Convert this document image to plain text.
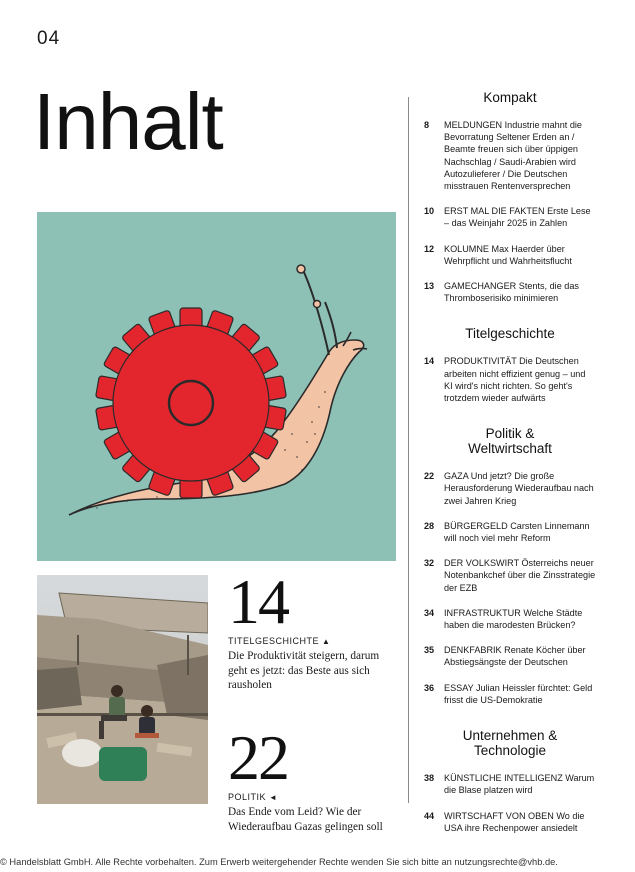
04
Inhalt
14
TITELGESCHICHTE ▲
Die Produktivität steigern, darum geht es jetzt: das Beste aus sich rausholen
22
POLITIK ◄
Das Ende vom Leid? Wie der Wiederaufbau Gazas gelingen soll
Kompakt
8	MELDUNGEN Industrie mahnt die Bevorratung Seltener Erden an / Beamte freuen sich über üppigen Nachschlag / Saudi-Arabien wird Autozulieferer / Die Deutschen misstrauen Rentenversprechen
10	ERST MAL DIE FAKTEN Erste Lese – das Weinjahr 2025 in Zahlen
12	KOLUMNE Max Haerder über Wehrpflicht und Wahrheitsflucht
13	GAMECHANGER Stents, die das Thromboserisiko minimieren
Titelgeschichte
14	PRODUKTIVITÄT Die Deutschen arbeiten nicht effizient genug – und KI wird's nicht richten. So geht's trotzdem wieder aufwärts
Politik & Weltwirtschaft
22	GAZA Und jetzt? Die große Herausforderung Wiederaufbau nach zwei Jahren Krieg
28	BÜRGERGELD Carsten Linnemann will noch viel mehr Reform
32	DER VOLKSWIRT Österreichs neuer Notenbankchef über die Zinsstrategie der EZB
34	INFRASTRUKTUR Welche Städte haben die marodesten Brücken?
35	DENKFABRIK Renate Köcher über Abstiegsängste der Deutschen
36	ESSAY Julian Heissler fürchtet: Geld frisst die US-Demokratie
Unternehmen & Technologie
38	KÜNSTLICHE INTELLIGENZ Warum die Blase platzen wird
44	WIRTSCHAFT VON OBEN Wo die USA ihre Rechenpower ansiedelt
© Handelsblatt GmbH. Alle Rechte vorbehalten. Zum Erwerb weitergehender Rechte wenden Sie sich bitte an nutzungsrechte@vhb.de.
